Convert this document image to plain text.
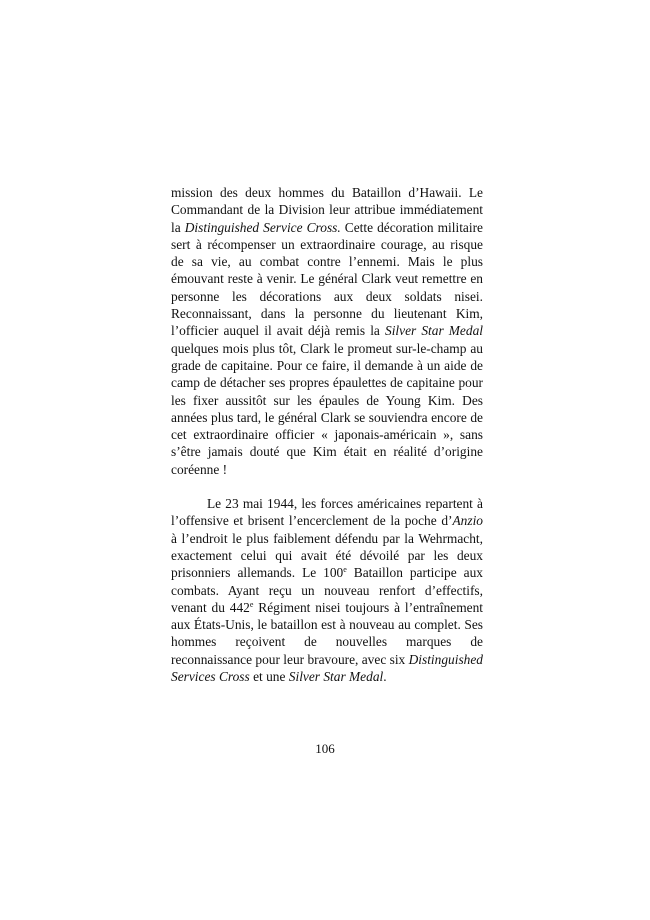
mission des deux hommes du Bataillon d’Hawaii. Le Commandant de la Division leur attribue immédiatement la Distinguished Service Cross. Cette décoration militaire sert à récompenser un extraordinaire courage, au risque de sa vie, au combat contre l’ennemi. Mais le plus émouvant reste à venir. Le général Clark veut remettre en personne les décorations aux deux soldats nisei. Reconnaissant, dans la personne du lieutenant Kim, l’officier auquel il avait déjà remis la Silver Star Medal quelques mois plus tôt, Clark le promeut sur-le-champ au grade de capitaine. Pour ce faire, il demande à un aide de camp de détacher ses propres épaulettes de capitaine pour les fixer aussitôt sur les épaules de Young Kim. Des années plus tard, le général Clark se souviendra encore de cet extraordinaire officier « japonais-américain », sans s’être jamais douté que Kim était en réalité d’origine coréenne !

Le 23 mai 1944, les forces américaines repartent à l’offensive et brisent l’encerclement de la poche d’Anzio à l’endroit le plus faiblement défendu par la Wehrmacht, exactement celui qui avait été dévoilé par les deux prisonniers allemands. Le 100e Bataillon participe aux combats. Ayant reçu un nouveau renfort d’effectifs, venant du 442e Régiment nisei toujours à l’entraînement aux États-Unis, le bataillon est à nouveau au complet. Ses hommes reçoivent de nouvelles marques de reconnaissance pour leur bravoure, avec six Distinguished Services Cross et une Silver Star Medal.

106
